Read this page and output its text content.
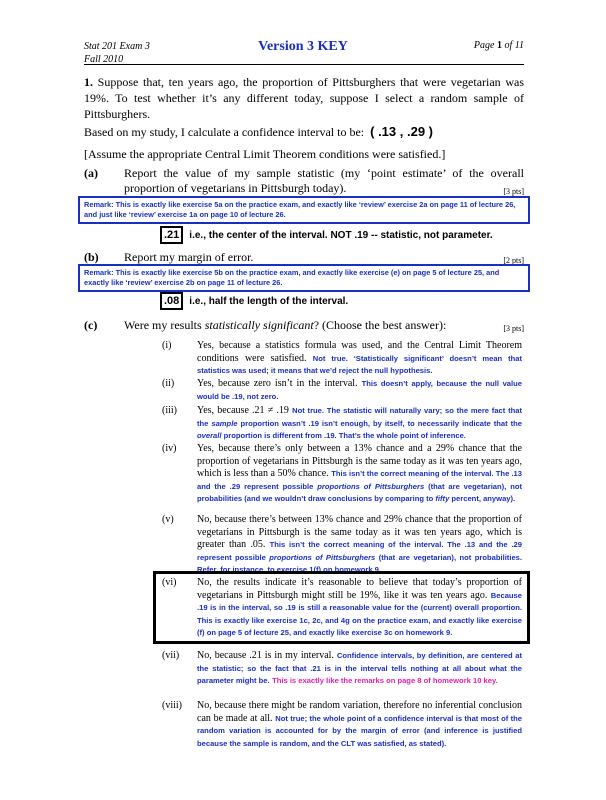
Stat 201 Exam 3
Fall 2010
Version 3 KEY	Page 1 of 11
1. Suppose that, ten years ago, the proportion of Pittsburghers that were vegetarian was 19%. To test whether it’s any different today, suppose I select a random sample of Pittsburghers.
Based on my study, I calculate a confidence interval to be: ( .13 , .29 )
[Assume the appropriate Central Limit Theorem conditions were satisfied.]
(a) Report the value of my sample statistic (my ‘point estimate’ of the overall proportion of vegetarians in Pittsburgh today).	[3 pts]
Remark: This is exactly like exercise 5a on the practice exam, and exactly like ‘review’ exercise 2a on page 11 of lecture 26, and just like ‘review’ exercise 1a on page 10 of lecture 26.
.21	i.e., the center of the interval. NOT .19 -- statistic, not parameter.
(b) Report my margin of error.	[2 pts]
Remark: This is exactly like exercise 5b on the practice exam, and exactly like exercise (e) on page 5 of lecture 25, and exactly like ‘review’ exercise 2b on page 11 of lecture 26.
.08	i.e., half the length of the interval.
(c) Were my results statistically significant? (Choose the best answer):	[3 pts]
(i)	Yes, because a statistics formula was used, and the Central Limit Theorem conditions were satisfied. Not true. ‘Statistically significant’ doesn’t mean that statistics was used; it means that we’d reject the null hypothesis.
(ii) Yes, because zero isn’t in the interval. This doesn’t apply, because the null value would be .19, not zero.
(iii) Yes, because .21 ≠ .19 Not true. The statistic will naturally vary; so the mere fact that the sample proportion wasn’t .19 isn’t enough, by itself, to necessarily indicate that the overall proportion is different from .19. That’s the whole point of inference.
(iv) Yes, because there’s only between a 13% chance and a 29% chance that the proportion of vegetarians in Pittsburgh is the same today as it was ten years ago, which is less than a 50% chance. This isn’t the correct meaning of the interval. The .13 and the .29 represent possible proportions of Pittsburghers (that are vegetarian), not probabilities (and we wouldn’t draw conclusions by comparing to fifty percent, anyway).
(v) No, because there’s between 13% chance and 29% chance that the proportion of vegetarians in Pittsburgh is the same today as it was ten years ago, which is greater than .05. This isn’t the correct meaning of the interval. The .13 and the .29 represent possible proportions of Pittsburghers (that are vegetarian), not probabilities. Refer, for instance, to exercise 1(f) on homework 9.
(vi) No, the results indicate it’s reasonable to believe that today’s proportion of vegetarians in Pittsburgh might still be 19%, like it was ten years ago. Because .19 is in the interval, so .19 is still a reasonable value for the (current) overall proportion. This is exactly like exercise 1c, 2c, and 4g on the practice exam, and exactly like exercise (f) on page 5 of lecture 25, and exactly like exercise 3c on homework 9.
(vii) No, because .21 is in my interval. Confidence intervals, by definition, are centered at the statistic; so the fact that .21 is in the interval tells nothing at all about what the parameter might be. This is exactly like the remarks on page 8 of homework 10 key.
(viii) No, because there might be random variation, therefore no inferential conclusion can be made at all. Not true; the whole point of a confidence interval is that most of the random variation is accounted for by the margin of error (and inference is justified because the sample is random, and the CLT was satisfied, as stated).
